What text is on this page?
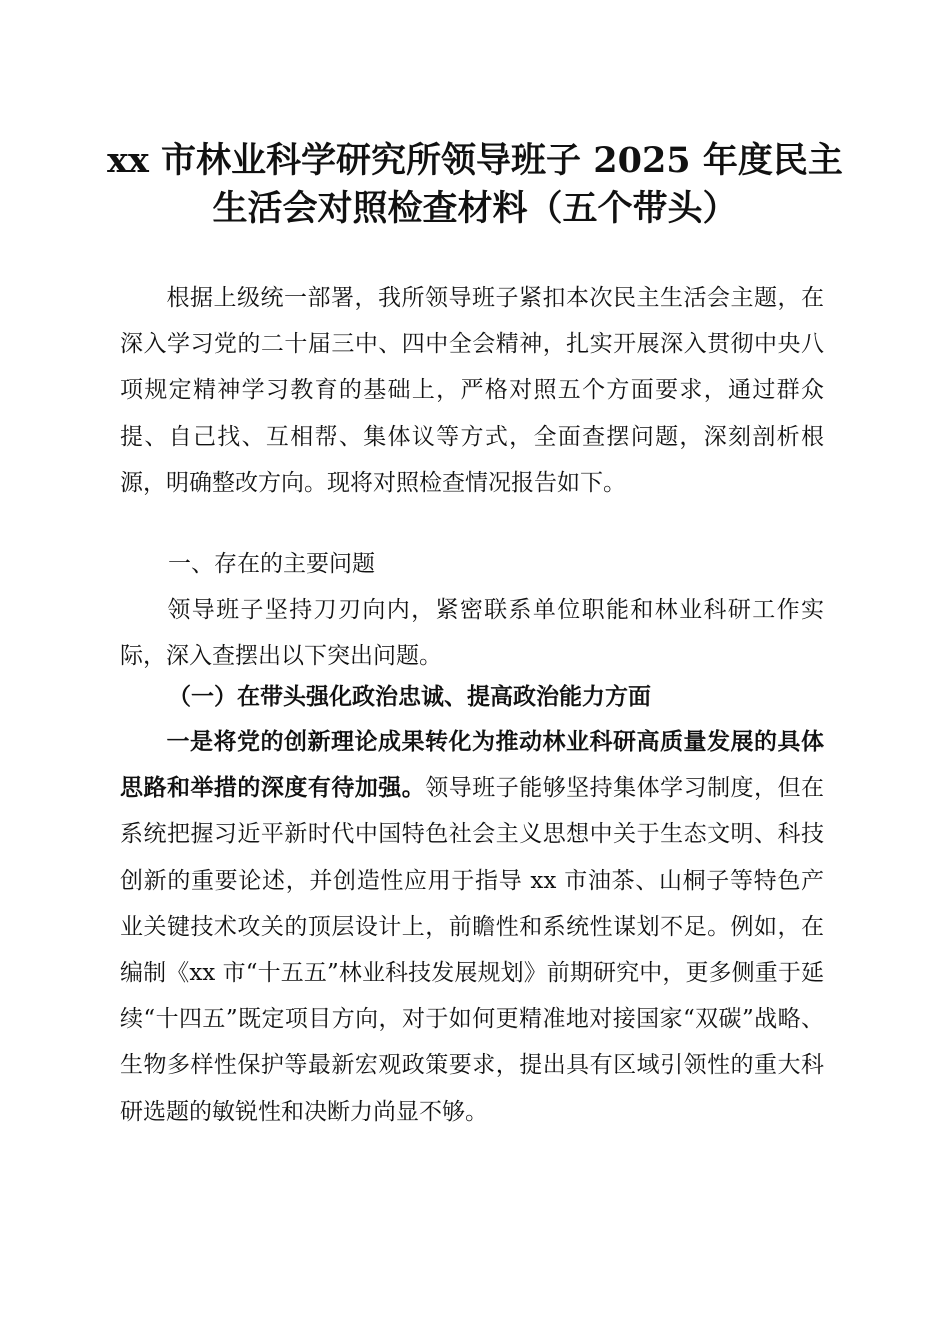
xx 市林业科学研究所领导班子 2025 年度民主
生活会对照检查材料（五个带头）

根据上级统一部署，我所领导班子紧扣本次民主生活会主题，在深入学习党的二十届三中、四中全会精神，扎实开展深入贯彻中央八项规定精神学习教育的基础上，严格对照五个方面要求，通过群众提、自己找、互相帮、集体议等方式，全面查摆问题，深刻剖析根源，明确整改方向。现将对照检查情况报告如下。

一、存在的主要问题

领导班子坚持刀刃向内，紧密联系单位职能和林业科研工作实际，深入查摆出以下突出问题。

（一）在带头强化政治忠诚、提高政治能力方面

一是将党的创新理论成果转化为推动林业科研高质量发展的具体思路和举措的深度有待加强。领导班子能够坚持集体学习制度，但在系统把握习近平新时代中国特色社会主义思想中关于生态文明、科技创新的重要论述，并创造性应用于指导 xx 市油茶、山桐子等特色产业关键技术攻关的顶层设计上，前瞻性和系统性谋划不足。例如，在编制《xx 市“十五五”林业科技发展规划》前期研究中，更多侧重于延续“十四五”既定项目方向，对于如何更精准地对接国家“双碳”战略、生物多样性保护等最新宏观政策要求，提出具有区域引领性的重大科研选题的敏锐性和决断力尚显不够。
